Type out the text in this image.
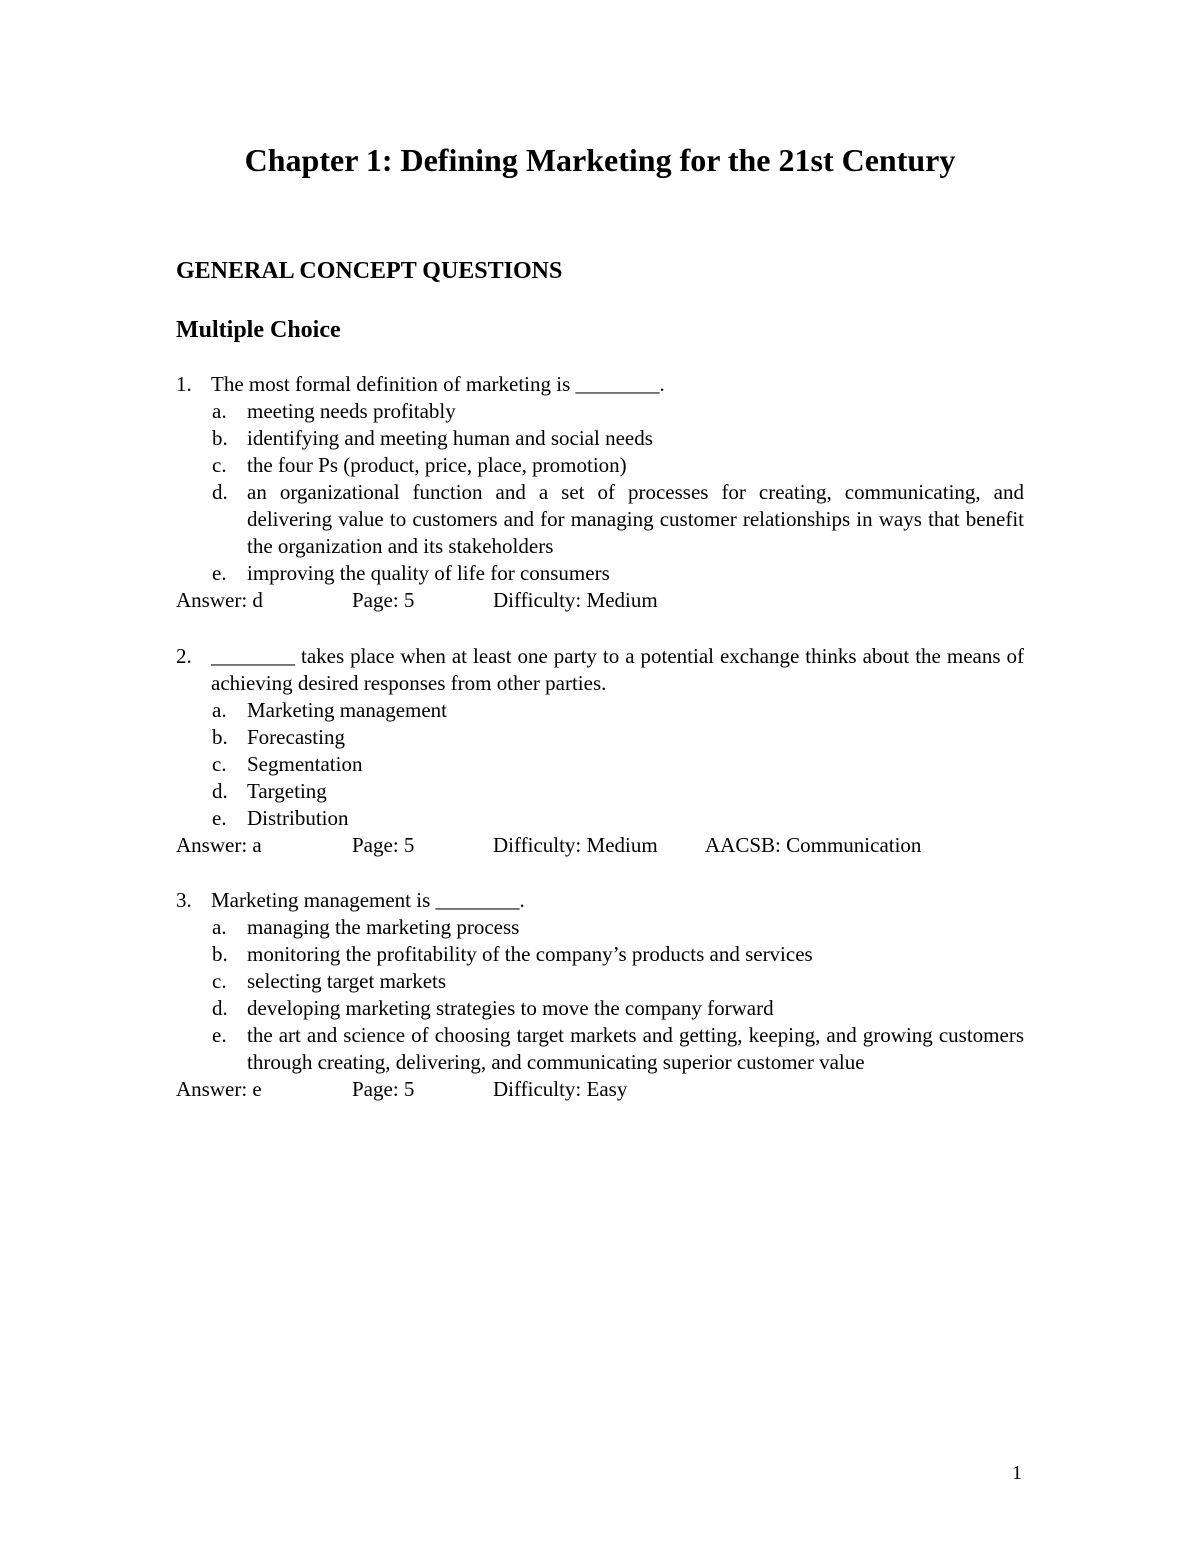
Chapter 1: Defining Marketing for the 21st Century
GENERAL CONCEPT QUESTIONS
Multiple Choice
1. The most formal definition of marketing is ________.
a. meeting needs profitably
b. identifying and meeting human and social needs
c. the four Ps (product, price, place, promotion)
d. an organizational function and a set of processes for creating, communicating, and delivering value to customers and for managing customer relationships in ways that benefit the organization and its stakeholders
e. improving the quality of life for consumers
Answer: d	Page: 5	Difficulty: Medium
2. ________ takes place when at least one party to a potential exchange thinks about the means of achieving desired responses from other parties.
a. Marketing management
b. Forecasting
c. Segmentation
d. Targeting
e. Distribution
Answer: a	Page: 5	Difficulty: Medium AACSB: Communication
3. Marketing management is ________.
a. managing the marketing process
b. monitoring the profitability of the company’s products and services
c. selecting target markets
d. developing marketing strategies to move the company forward
e. the art and science of choosing target markets and getting, keeping, and growing customers through creating, delivering, and communicating superior customer value
Answer: e	Page: 5	Difficulty: Easy
1
